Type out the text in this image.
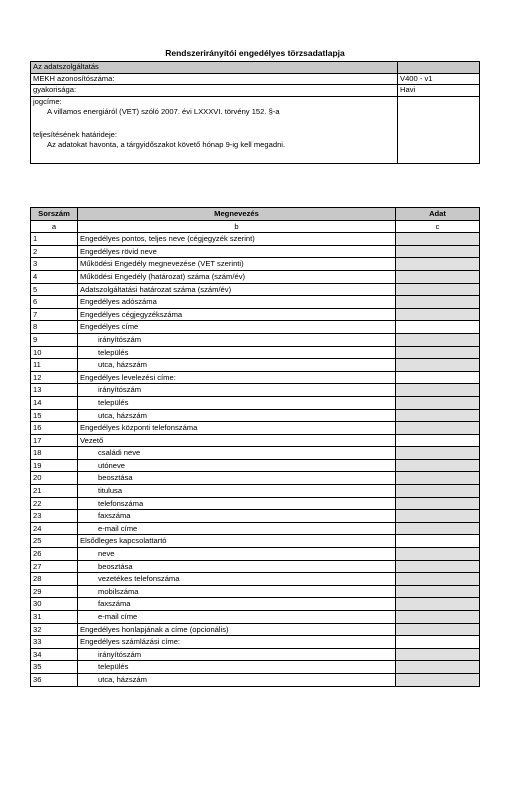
Rendszerirányítói engedélyes törzsadatlapja
Az adatszolgáltatás	
MEKH azonosítószáma:	V400 - v1
gyakorisága:	Havi
jogcíme:	
A villamos energiáról (VET) szóló 2007. évi LXXXVI. törvény 152. §-a	

teljesítésének határideje:	
Az adatokat havonta, a tárgyidőszakot követő hónap 9-ig kell megadni.	

Sorszám	Megnevezés	Adat
a	b	c
1	Engedélyes pontos, teljes neve (cégjegyzék szerint)	
2	Engedélyes rövid neve	
3	Működési Engedély megnevezése (VET szerinti)	
4	Működési Engedély (határozat) száma (szám/év)	
5	Adatszolgáltatási határozat száma (szám/év)	
6	Engedélyes adószáma	
7	Engedélyes cégjegyzékszáma	
8	Engedélyes címe	
9	irányítószám	
10	település	
11	utca, házszám	
12	Engedélyes levelezési címe:	
13	irányítószám	
14	település	
15	utca, házszám	
16	Engedélyes központi telefonszáma	
17	Vezető	
18	családi neve	
19	utóneve	
20	beosztása	
21	titulusa	
22	telefonszáma	
23	faxszáma	
24	e-mail címe	
25	Elsődleges kapcsolattartó	
26	neve	
27	beosztása	
28	vezetékes telefonszáma	
29	mobilszáma	
30	faxszáma	
31	e-mail címe	
32	Engedélyes honlapjának a címe (opcionális)	
33	Engedélyes számlázási címe:	
34	irányítószám	
35	település	
36	utca, házszám	
